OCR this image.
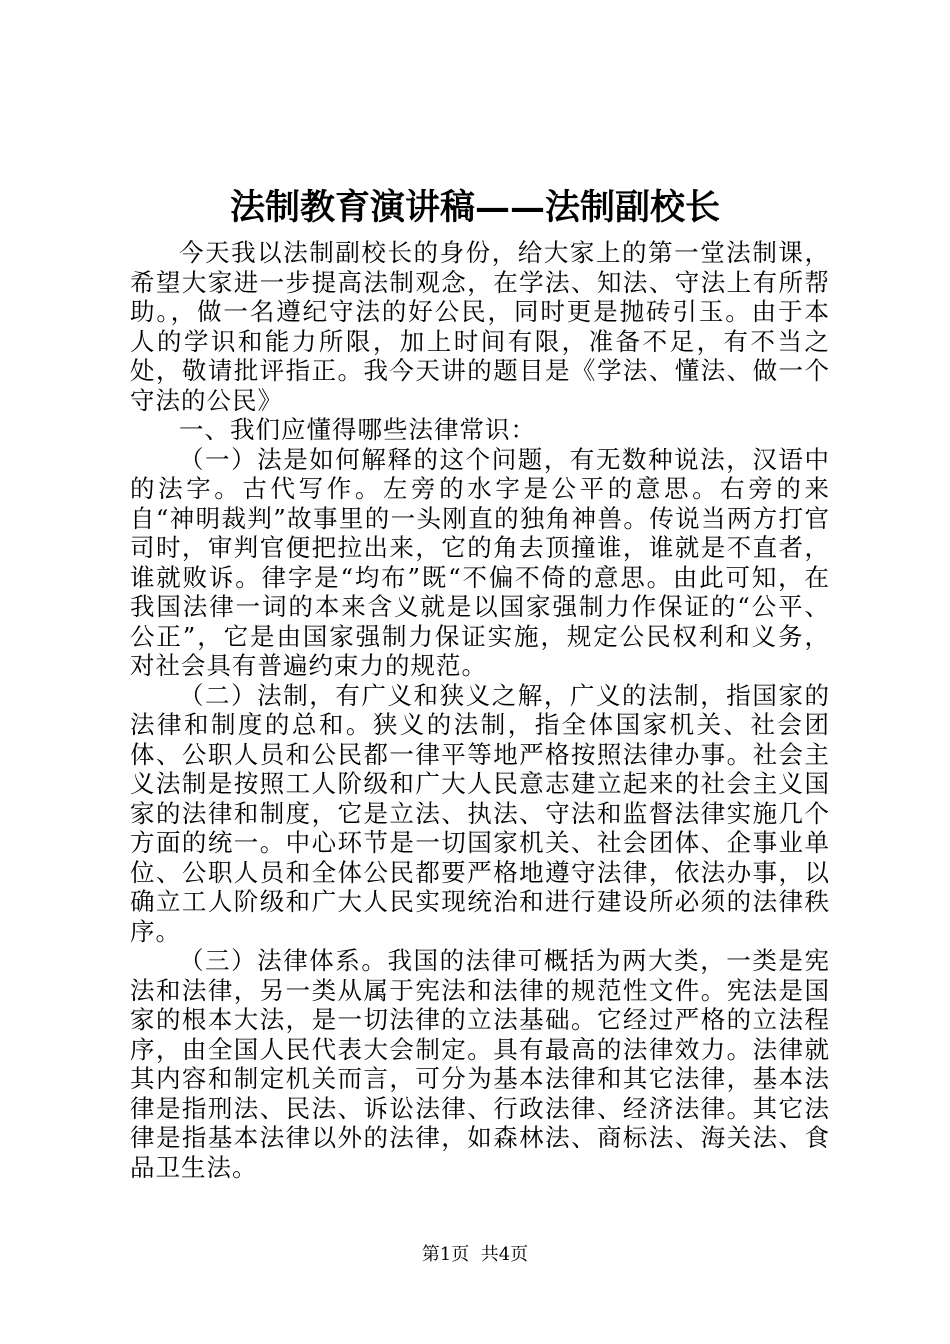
法制教育演讲稿——法制副校长

今天我以法制副校长的身份，给大家上的第一堂法制课，希望大家进一步提高法制观念，在学法、知法、守法上有所帮助。，做一名遵纪守法的好公民，同时更是抛砖引玉。由于本人的学识和能力所限，加上时间有限，准备不足，有不当之处，敬请批评指正。我今天讲的题目是《学法、懂法、做一个守法的公民》

一、我们应懂得哪些法律常识：

（一）法是如何解释的这个问题，有无数种说法，汉语中的法字。古代写作。左旁的水字是公平的意思。右旁的来自“神明裁判”故事里的一头刚直的独角神兽。传说当两方打官司时，审判官便把拉出来，它的角去顶撞谁，谁就是不直者，谁就败诉。律字是“均布”既“不偏不倚的意思。由此可知，在我国法律一词的本来含义就是以国家强制力作保证的“公平、公正”，它是由国家强制力保证实施，规定公民权利和义务，对社会具有普遍约束力的规范。

（二）法制，有广义和狭义之解，广义的法制，指国家的法律和制度的总和。狭义的法制，指全体国家机关、社会团体、公职人员和公民都一律平等地严格按照法律办事。社会主义法制是按照工人阶级和广大人民意志建立起来的社会主义国家的法律和制度，它是立法、执法、守法和监督法律实施几个方面的统一。中心环节是一切国家机关、社会团体、企事业单位、公职人员和全体公民都要严格地遵守法律，依法办事，以确立工人阶级和广大人民实现统治和进行建设所必须的法律秩序。

（三）法律体系。我国的法律可概括为两大类，一类是宪法和法律，另一类从属于宪法和法律的规范性文件。宪法是国家的根本大法，是一切法律的立法基础。它经过严格的立法程序，由全国人民代表大会制定。具有最高的法律效力。法律就其内容和制定机关而言，可分为基本法律和其它法律，基本法律是指刑法、民法、诉讼法律、行政法律、经济法律。其它法律是指基本法律以外的法律，如森林法、商标法、海关法、食品卫生法。

第1页 共4页
